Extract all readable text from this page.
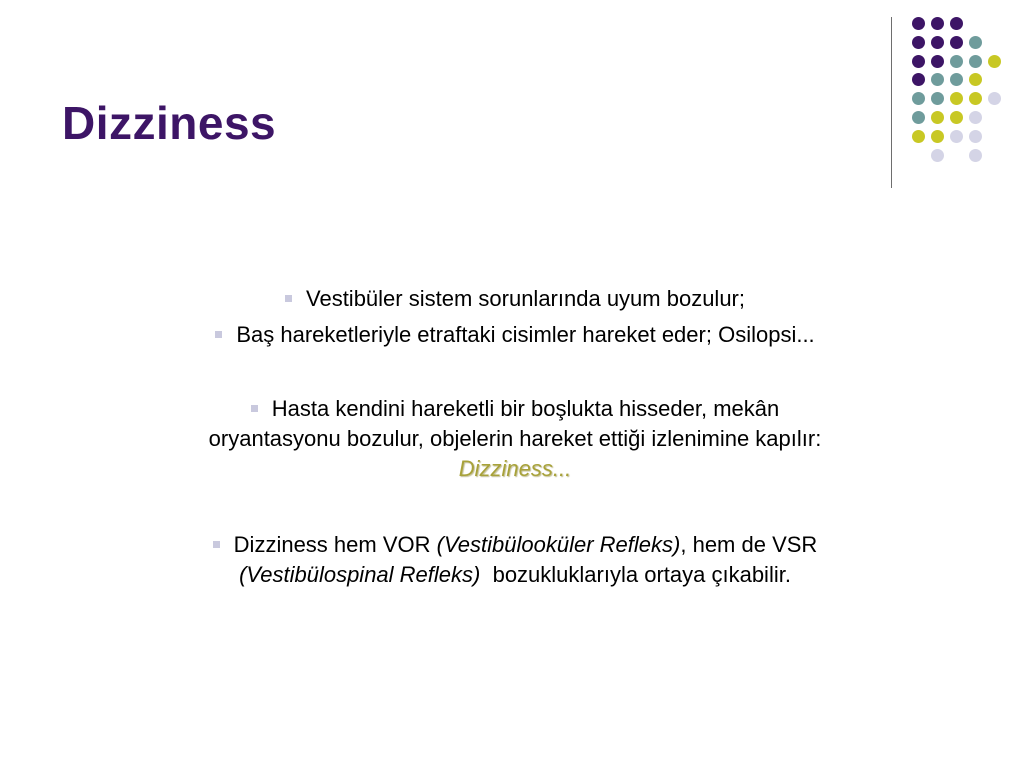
Dizziness
Vestibüler sistem sorunlarında uyum bozulur;
Baş hareketleriyle etraftaki cisimler hareket eder; Osilopsi...
Hasta kendini hareketli bir boşlukta hisseder, mekân
oryantasyonu bozulur, objelerin hareket ettiği izlenimine kapılır:
Dizziness...
Dizziness hem VOR (Vestibülooküler Refleks), hem de VSR
(Vestibülospinal Refleks)  bozukluklarıyla ortaya çıkabilir.
